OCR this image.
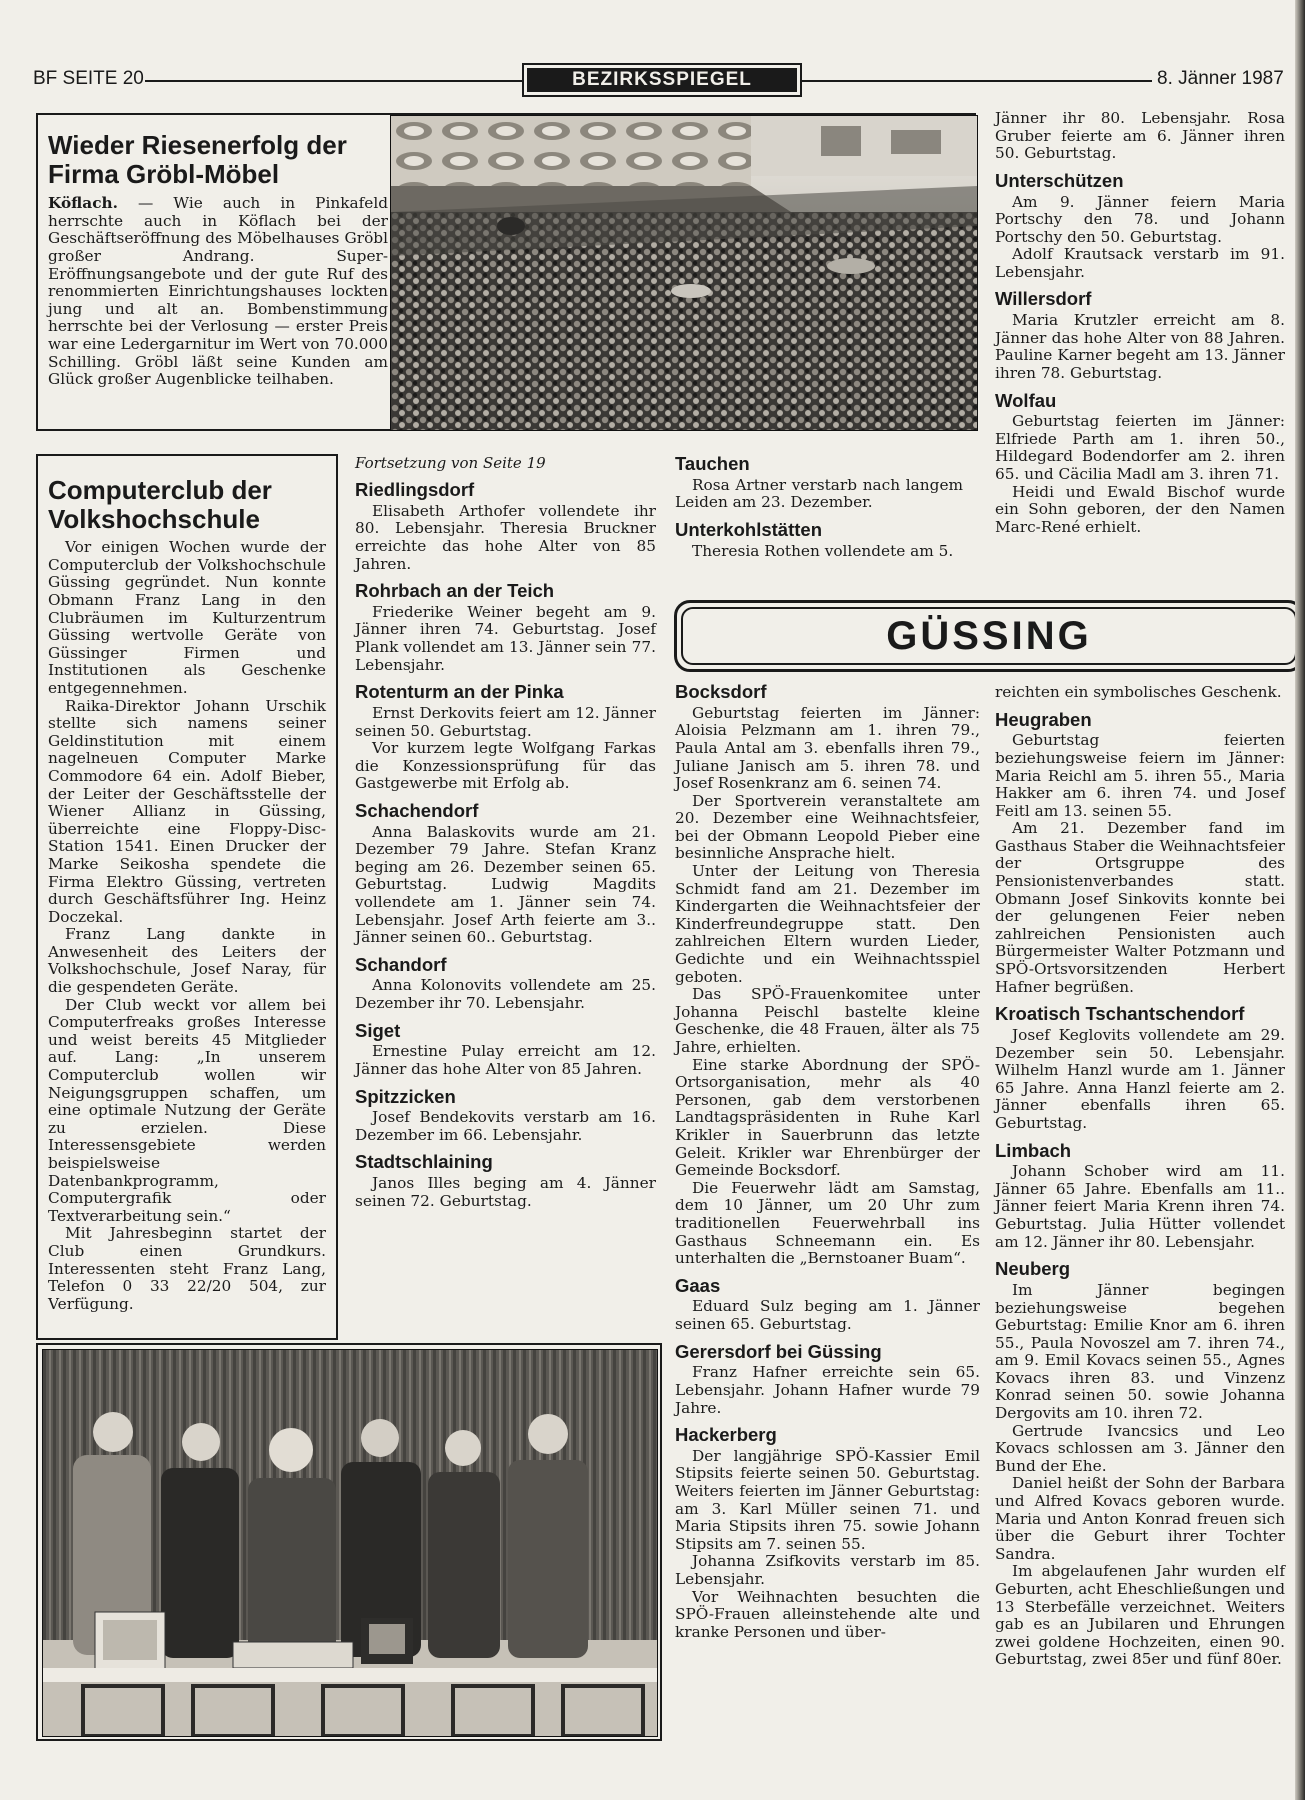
BF SEITE 20	BEZIRKSSPIEGEL	8. Jänner 1987
Wieder Riesenerfolg der Firma Gröbl-Möbel

Köflach. — Wie auch in Pinkafeld herrschte auch in Köflach bei der Geschäftseröffnung des Möbelhauses Gröbl großer Andrang. Super-Eröffnungsangebote und der gute Ruf des renommierten Einrichtungshauses lockten jung und alt an. Bombenstimmung herrschte bei der Verlosung — erster Preis war eine Ledergarnitur im Wert von 70.000 Schilling. Gröbl läßt seine Kunden am Glück großer Augenblicke teilhaben.

Computerclub der Volkshochschule

Vor einigen Wochen wurde der Computerclub der Volkshochschule Güssing gegründet. Nun konnte Obmann Franz Lang in den Clubräumen im Kulturzentrum Güssing wertvolle Geräte von Güssinger Firmen und Institutionen als Geschenke entgegennehmen.

Raika-Direktor Johann Urschik stellte sich namens seiner Geldinstitution mit einem nagelneuen Computer Marke Commodore 64 ein. Adolf Bieber, der Leiter der Geschäftsstelle der Wiener Allianz in Güssing, überreichte eine Floppy-Disc-Station 1541. Einen Drucker der Marke Seikosha spendete die Firma Elektro Güssing, vertreten durch Geschäftsführer Ing. Heinz Doczekal.

Franz Lang dankte in Anwesenheit des Leiters der Volkshochschule, Josef Naray, für die gespendeten Geräte.

Der Club weckt vor allem bei Computerfreaks großes Interesse und weist bereits 45 Mitglieder auf. Lang: „In unserem Computerclub wollen wir Neigungsgruppen schaffen, um eine optimale Nutzung der Geräte zu erzielen. Diese Interessensgebiete werden beispielsweise Datenbankprogramm, Computergrafik oder Textverarbeitung sein.“

Mit Jahresbeginn startet der Club einen Grundkurs. Interessenten steht Franz Lang, Telefon 0 33 22/20 504, zur Verfügung.

Fortsetzung von Seite 19
Riedlingsdorf

Elisabeth Arthofer vollendete ihr 80. Lebensjahr. Theresia Bruckner erreichte das hohe Alter von 85 Jahren.

Rohrbach an der Teich

Friederike Weiner begeht am 9. Jänner ihren 74. Geburtstag. Josef Plank vollendet am 13. Jänner sein 77. Lebensjahr.

Rotenturm an der Pinka

Ernst Derkovits feiert am 12. Jänner seinen 50. Geburtstag.

Vor kurzem legte Wolfgang Farkas die Konzessionsprüfung für das Gastgewerbe mit Erfolg ab.

Schachendorf

Anna Balaskovits wurde am 21. Dezember 79 Jahre. Stefan Kranz beging am 26. Dezember seinen 65. Geburtstag. Ludwig Magdits vollendete am 1. Jänner sein 74. Lebensjahr. Josef Arth feierte am 3.. Jänner seinen 60.. Geburtstag.

Schandorf

Anna Kolonovits vollendete am 25. Dezember ihr 70. Lebensjahr.

Siget

Ernestine Pulay erreicht am 12. Jänner das hohe Alter von 85 Jahren.

Spitzzicken

Josef Bendekovits verstarb am 16. Dezember im 66. Lebensjahr.

Stadtschlaining

Janos Illes beging am 4. Jänner seinen 72. Geburtstag.

Tauchen

Rosa Artner verstarb nach langem Leiden am 23. Dezember.

Unterkohlstätten

Theresia Rothen vollendete am 5.

Jänner ihr 80. Lebensjahr. Rosa Gruber feierte am 6. Jänner ihren 50. Geburtstag.

Unterschützen

Am 9. Jänner feiern Maria Portschy den 78. und Johann Portschy den 50. Geburtstag.

Adolf Krautsack verstarb im 91. Lebensjahr.

Willersdorf

Maria Krutzler erreicht am 8. Jänner das hohe Alter von 88 Jahren. Pauline Karner begeht am 13. Jänner ihren 78. Geburtstag.

Wolfau

Geburtstag feierten im Jänner: Elfriede Parth am 1. ihren 50., Hildegard Bodendorfer am 2. ihren 65. und Cäcilia Madl am 3. ihren 71.

Heidi und Ewald Bischof wurde ein Sohn geboren, der den Namen Marc-René erhielt.

GÜSSING
Bocksdorf

Geburtstag feierten im Jänner: Aloisia Pelzmann am 1. ihren 79., Paula Antal am 3. ebenfalls ihren 79., Juliane Janisch am 5. ihren 78. und Josef Rosenkranz am 6. seinen 74.

Der Sportverein veranstaltete am 20. Dezember eine Weihnachtsfeier, bei der Obmann Leopold Pieber eine besinnliche Ansprache hielt.

Unter der Leitung von Theresia Schmidt fand am 21. Dezember im Kindergarten die Weihnachtsfeier der Kinderfreundegruppe statt. Den zahlreichen Eltern wurden Lieder, Gedichte und ein Weihnachtsspiel geboten.

Das SPÖ-Frauenkomitee unter Johanna Peischl bastelte kleine Geschenke, die 48 Frauen, älter als 75 Jahre, erhielten.

Eine starke Abordnung der SPÖ-Ortsorganisation, mehr als 40 Personen, gab dem verstorbenen Landtagspräsidenten in Ruhe Karl Krikler in Sauerbrunn das letzte Geleit. Krikler war Ehrenbürger der Gemeinde Bocksdorf.

Die Feuerwehr lädt am Samstag, dem 10 Jänner, um 20 Uhr zum traditionellen Feuerwehrball ins Gasthaus Schneemann ein. Es unterhalten die „Bernstoaner Buam“.

Gaas

Eduard Sulz beging am 1. Jänner seinen 65. Geburtstag.

Gerersdorf bei Güssing

Franz Hafner erreichte sein 65. Lebensjahr. Johann Hafner wurde 79 Jahre.

Hackerberg

Der langjährige SPÖ-Kassier Emil Stipsits feierte seinen 50. Geburtstag. Weiters feierten im Jänner Geburtstag: am 3. Karl Müller seinen 71. und Maria Stipsits ihren 75. sowie Johann Stipsits am 7. seinen 55.

Johanna Zsifkovits verstarb im 85. Lebensjahr.

Vor Weihnachten besuchten die SPÖ-Frauen alleinstehende alte und kranke Personen und über-

reichten ein symbolisches Geschenk.

Heugraben

Geburtstag feierten beziehungsweise feiern im Jänner: Maria Reichl am 5. ihren 55., Maria Hakker am 6. ihren 74. und Josef Feitl am 13. seinen 55.

Am 21. Dezember fand im Gasthaus Staber die Weihnachtsfeier der Ortsgruppe des Pensionistenverbandes statt. Obmann Josef Sinkovits konnte bei der gelungenen Feier neben zahlreichen Pensionisten auch Bürgermeister Walter Potzmann und SPÖ-Ortsvorsitzenden Herbert Hafner begrüßen.

Kroatisch Tschantschendorf

Josef Keglovits vollendete am 29. Dezember sein 50. Lebensjahr. Wilhelm Hanzl wurde am 1. Jänner 65 Jahre. Anna Hanzl feierte am 2. Jänner ebenfalls ihren 65. Geburtstag.

Limbach

Johann Schober wird am 11. Jänner 65 Jahre. Ebenfalls am 11.. Jänner feiert Maria Krenn ihren 74. Geburtstag. Julia Hütter vollendet am 12. Jänner ihr 80. Lebensjahr.

Neuberg

Im Jänner begingen beziehungsweise begehen Geburtstag: Emilie Knor am 6. ihren 55., Paula Novoszel am 7. ihren 74., am 9. Emil Kovacs seinen 55., Agnes Kovacs ihren 83. und Vinzenz Konrad seinen 50. sowie Johanna Dergovits am 10. ihren 72.

Gertrude Ivancsics und Leo Kovacs schlossen am 3. Jänner den Bund der Ehe.

Daniel heißt der Sohn der Barbara und Alfred Kovacs geboren wurde. Maria und Anton Konrad freuen sich über die Geburt ihrer Tochter Sandra.

Im abgelaufenen Jahr wurden elf Geburten, acht Eheschließungen und 13 Sterbefälle verzeichnet. Weiters gab es an Jubilaren und Ehrungen zwei goldene Hochzeiten, einen 90. Geburtstag, zwei 85er und fünf 80er.
